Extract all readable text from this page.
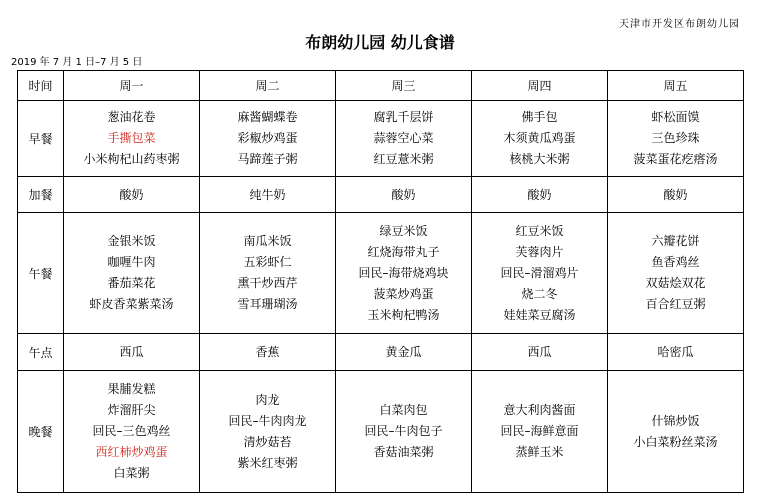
天津市开发区布朗幼儿园
布朗幼儿园 幼儿食谱
2019 年 7 月 1 日–7 月 5 日
时间	周一	周二	周三	周四	周五
早餐	葱油花卷
手撕包菜
小米枸杞山药枣粥	麻酱蝴蝶卷
彩椒炒鸡蛋
马蹄莲子粥	腐乳千层饼
蒜蓉空心菜
红豆薏米粥	佛手包
木须黄瓜鸡蛋
核桃大米粥	虾松面馍
三色珍珠
菠菜蛋花疙瘩汤

加餐	酸奶	纯牛奶	酸奶	酸奶	酸奶

午餐	金银米饭
咖喱牛肉
番茄菜花
虾皮香菜紫菜汤	南瓜米饭
五彩虾仁
熏干炒西芹
雪耳珊瑚汤	绿豆米饭
红烧海带丸子
回民–海带烧鸡块
菠菜炒鸡蛋
玉米枸杞鸭汤	红豆米饭
芙蓉肉片
回民–滑溜鸡片
烧二冬
娃娃菜豆腐汤	六瓣花饼
鱼香鸡丝
双菇烩双花
百合红豆粥

午点	西瓜	香蕉	黄金瓜	西瓜	哈密瓜

晚餐	果脯发糕
炸溜肝尖
回民–三色鸡丝
西红柿炒鸡蛋
白菜粥	肉龙
回民–牛肉肉龙
清炒菇苔
紫米红枣粥	白菜肉包
回民–牛肉包子
香菇油菜粥	意大利肉酱面
回民–海鲜意面
蒸鲜玉米	什锦炒饭
小白菜粉丝菜汤
